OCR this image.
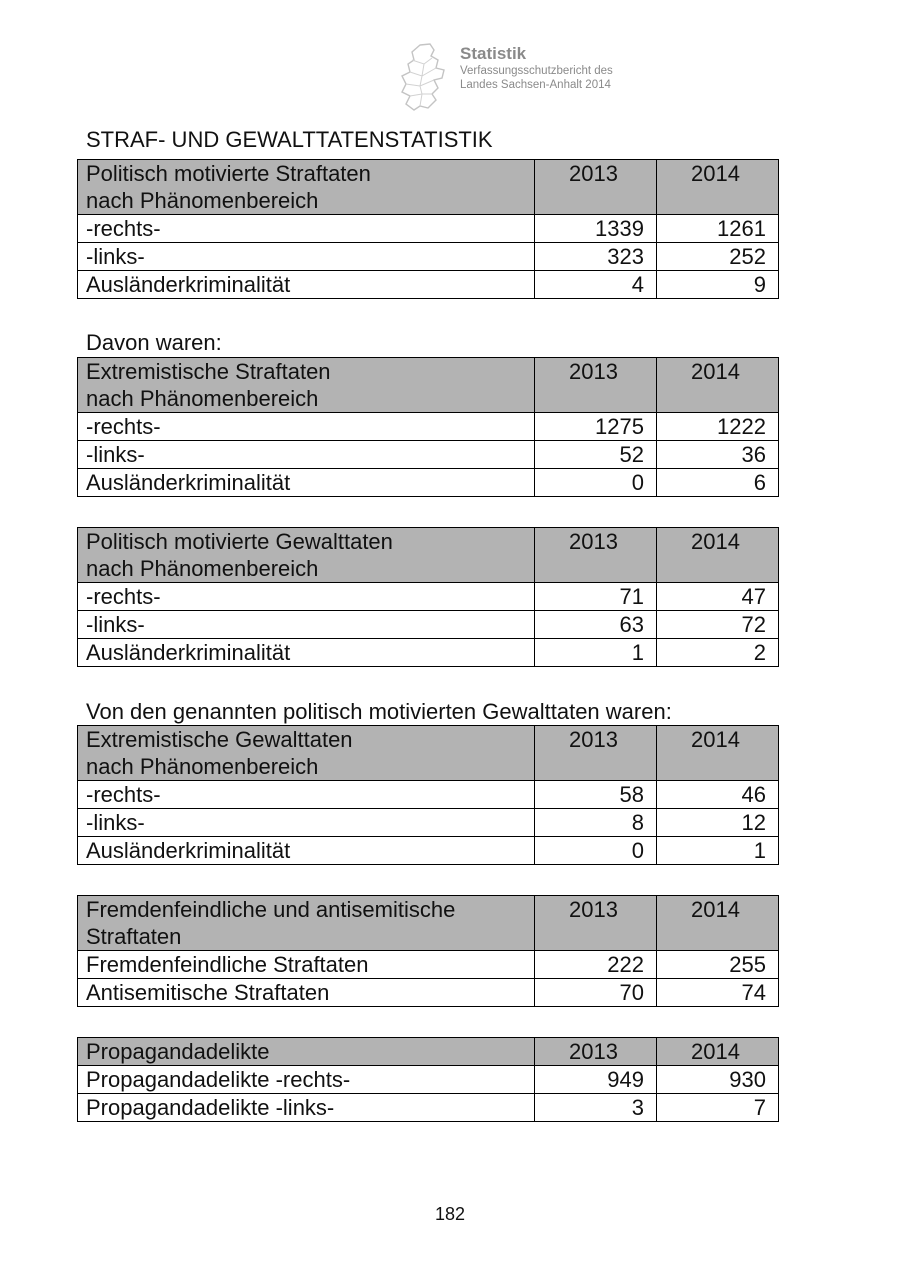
Statistik
Verfassungsschutzbericht des
Landes Sachsen-Anhalt 2014
STRAF- UND GEWALTTATENSTATISTIK
Politisch motivierte Straftaten
nach Phänomenbereich	2013	2014
-rechts-	1339	1261
-links-	323	252
Ausländerkriminalität	4	9
Davon waren:
Extremistische Straftaten
nach Phänomenbereich	2013	2014
-rechts-	1275	1222
-links-	52	36
Ausländerkriminalität	0	6
Politisch motivierte Gewalttaten
nach Phänomenbereich	2013	2014
-rechts-	71	47
-links-	63	72
Ausländerkriminalität	1	2
Von den genannten politisch motivierten Gewalttaten waren:
Extremistische Gewalttaten
nach Phänomenbereich	2013	2014
-rechts-	58	46
-links-	8	12
Ausländerkriminalität	0	1
Fremdenfeindliche und antisemitische
Straftaten	2013	2014
Fremdenfeindliche Straftaten	222	255
Antisemitische Straftaten	70	74
Propagandadelikte	2013	2014
Propagandadelikte -rechts-	949	930
Propagandadelikte -links-	3	7
182
